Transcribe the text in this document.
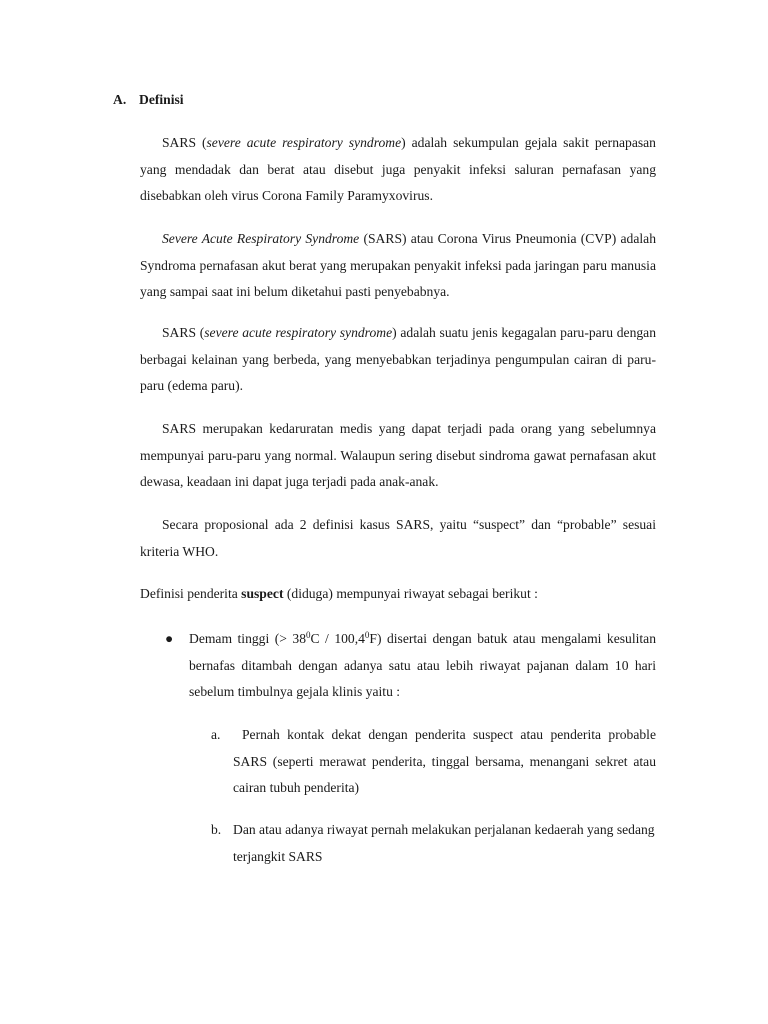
A. Definisi

SARS (severe acute respiratory syndrome) adalah sekumpulan gejala sakit pernapasan yang mendadak dan berat atau disebut juga penyakit infeksi saluran pernafasan yang disebabkan oleh virus Corona Family Paramyxovirus.

Severe Acute Respiratory Syndrome (SARS) atau Corona Virus Pneumonia (CVP) adalah Syndroma pernafasan akut berat yang merupakan penyakit infeksi pada jaringan paru manusia yang sampai saat ini belum diketahui pasti penyebabnya.

SARS (severe acute respiratory syndrome) adalah suatu jenis kegagalan paru-paru dengan berbagai kelainan yang berbeda, yang menyebabkan terjadinya pengumpulan cairan di paru-paru (edema paru).

SARS merupakan kedaruratan medis yang dapat terjadi pada orang yang sebelumnya mempunyai paru-paru yang normal. Walaupun sering disebut sindroma gawat pernafasan akut dewasa, keadaan ini dapat juga terjadi pada anak-anak.

Secara proposional ada 2 definisi kasus SARS, yaitu “suspect” dan “probable” sesuai kriteria WHO.

Definisi penderita suspect (diduga) mempunyai riwayat sebagai berikut :

● Demam tinggi (> $38^0C / 100,4^0F$) disertai dengan batuk atau mengalami kesulitan bernafas ditambah dengan adanya satu atau lebih riwayat pajanan dalam 10 hari sebelum timbulnya gejala klinis yaitu :

a.	Pernah kontak dekat dengan penderita suspect atau penderita probable SARS (seperti merawat penderita, tinggal bersama, menangani sekret atau cairan tubuh penderita)

b. Dan atau adanya riwayat pernah melakukan perjalanan kedaerah yang sedang terjangkit SARS
